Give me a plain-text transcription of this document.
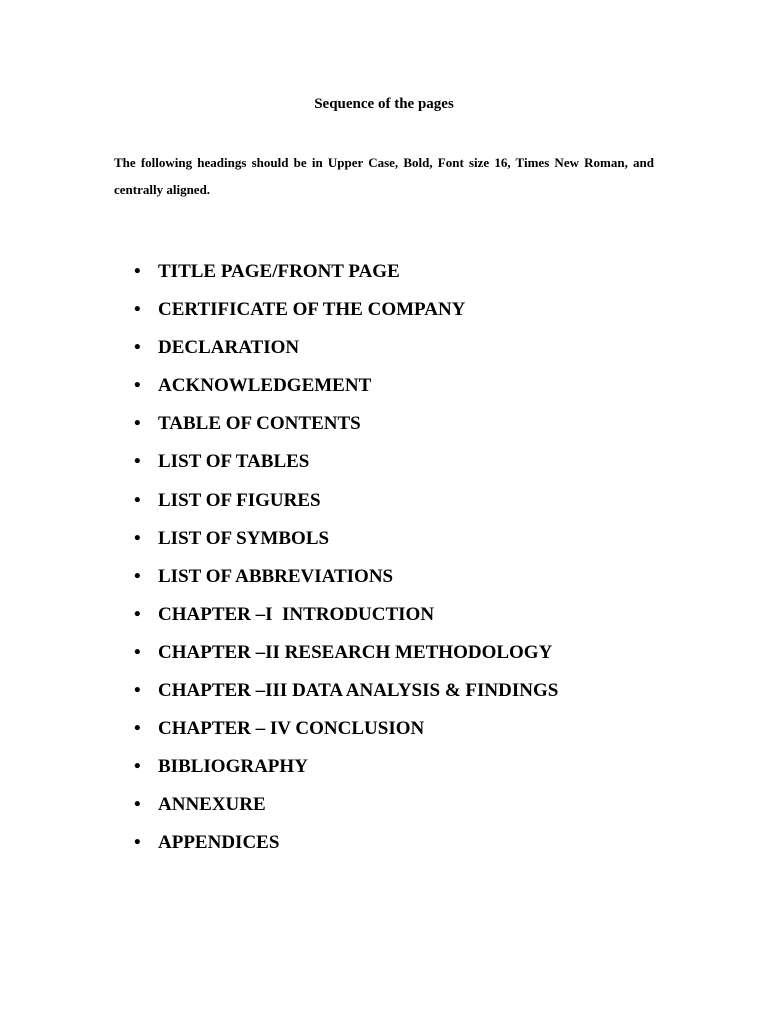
Sequence of the pages
The following headings should be in Upper Case, Bold, Font size 16, Times New Roman, and centrally aligned.
• TITLE PAGE/FRONT PAGE
• CERTIFICATE OF THE COMPANY
• DECLARATION
• ACKNOWLEDGEMENT
• TABLE OF CONTENTS
• LIST OF TABLES
• LIST OF FIGURES
• LIST OF SYMBOLS
• LIST OF ABBREVIATIONS
• CHAPTER –I  INTRODUCTION
• CHAPTER –II RESEARCH METHODOLOGY
• CHAPTER –III DATA ANALYSIS & FINDINGS
• CHAPTER – IV CONCLUSION
• BIBLIOGRAPHY
• ANNEXURE
• APPENDICES
